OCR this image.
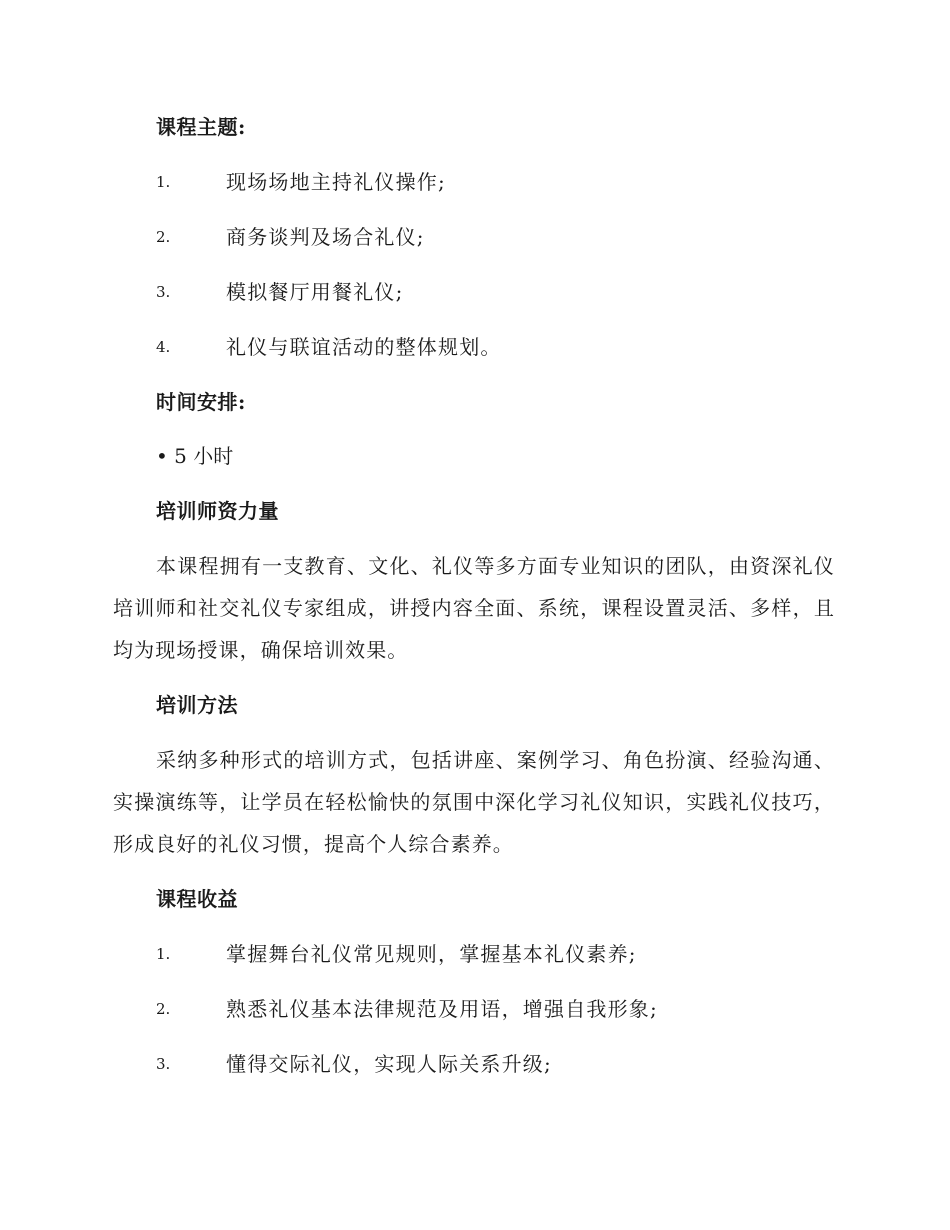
课程主题:
1.	现场场地主持礼仪操作;
2.	商务谈判及场合礼仪;
3.	模拟餐厅用餐礼仪;
4.	礼仪与联谊活动的整体规划。
时间安排:
• 5 小时
培训师资力量
本课程拥有一支教育、文化、礼仪等多方面专业知识的团队，由资深礼仪培训师和社交礼仪专家组成，讲授内容全面、系统，课程设置灵活、多样，且均为现场授课，确保培训效果。
培训方法
采纳多种形式的培训方式，包括讲座、案例学习、角色扮演、经验沟通、实操演练等，让学员在轻松愉快的氛围中深化学习礼仪知识，实践礼仪技巧，形成良好的礼仪习惯，提高个人综合素养。
课程收益
1.	掌握舞台礼仪常见规则，掌握基本礼仪素养;
2.	熟悉礼仪基本法律规范及用语，增强自我形象;
3.	懂得交际礼仪，实现人际关系升级;
